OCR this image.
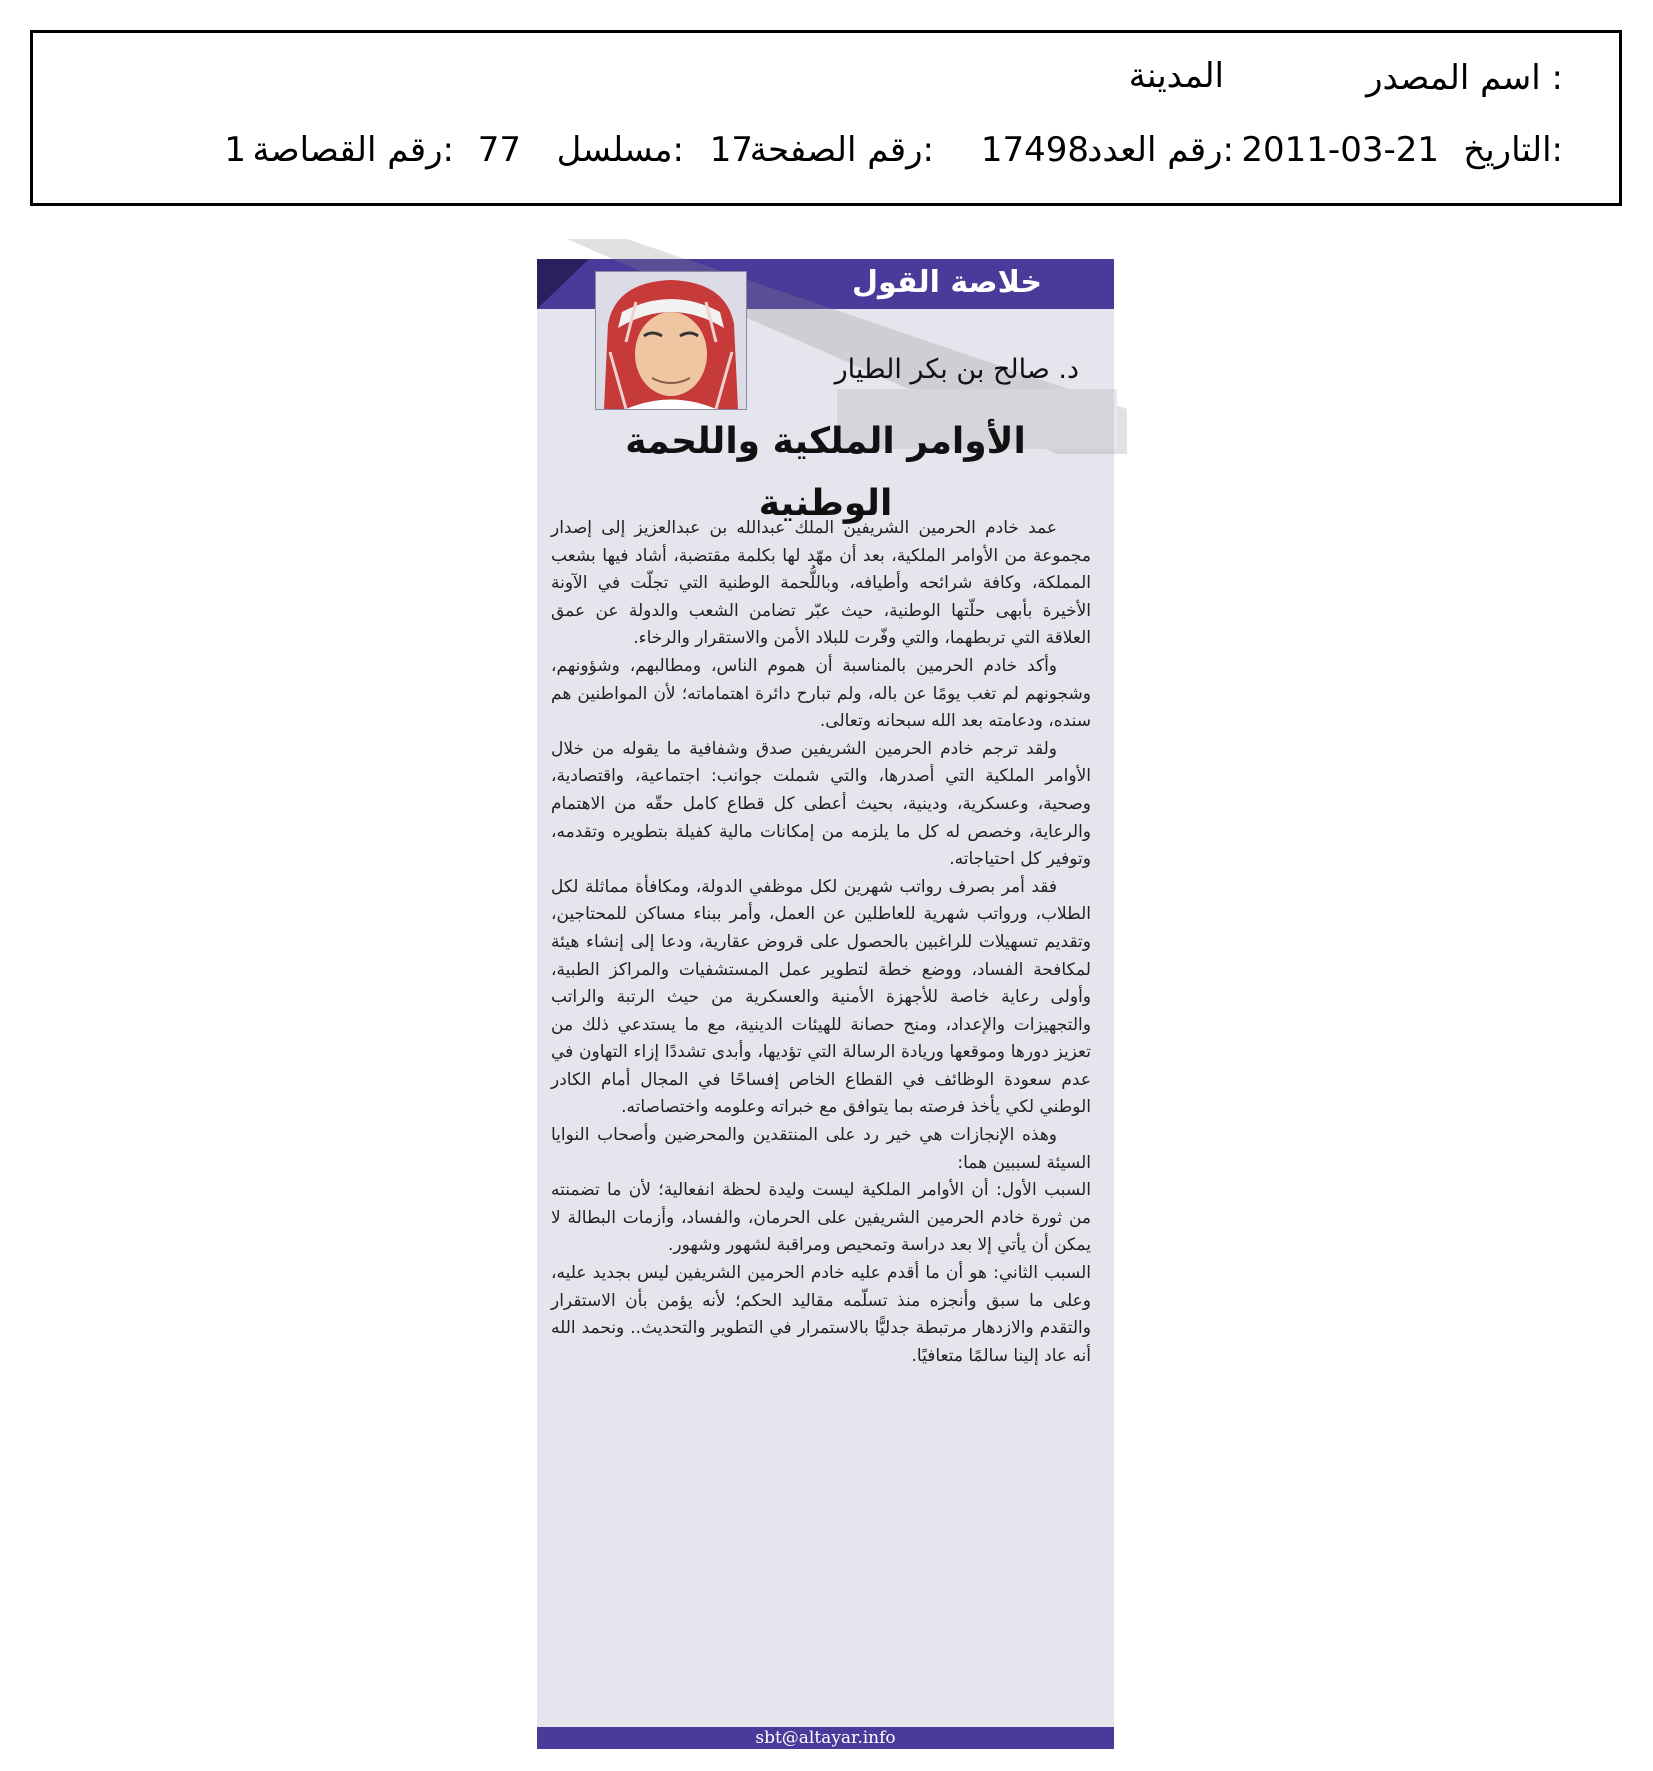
اسم المصدر :
المدينة
التاريخ:
2011-03-21
رقم العدد:
17498
رقم الصفحة:
17
مسلسل:
77
رقم القصاصة:
1
خلاصة القول
د. صالح بن بكر الطيار
الأوامر الملكية واللحمة الوطنية

عمد خادم الحرمين الشريفين الملك عبدالله بن عبدالعزيز إلى إصدار مجموعة من الأوامر الملكية، بعد أن مهّد لها بكلمة مقتضبة، أشاد فيها بشعب المملكة، وكافة شرائحه وأطيافه، وباللُّحمة الوطنية التي تجلّت في الآونة الأخيرة بأبهى حلّتها الوطنية، حيث عبّر تضامن الشعب والدولة عن عمق العلاقة التي تربطهما، والتي وفّرت للبلاد الأمن والاستقرار والرخاء.

وأكد خادم الحرمين بالمناسبة أن هموم الناس، ومطالبهم، وشؤونهم، وشجونهم لم تغب يومًا عن باله، ولم تبارح دائرة اهتماماته؛ لأن المواطنين هم سنده، ودعامته بعد الله سبحانه وتعالى.

ولقد ترجم خادم الحرمين الشريفين صدق وشفافية ما يقوله من خلال الأوامر الملكية التي أصدرها، والتي شملت جوانب: اجتماعية، واقتصادية، وصحية، وعسكرية، ودينية، بحيث أعطى كل قطاع كامل حقّه من الاهتمام والرعاية، وخصص له كل ما يلزمه من إمكانات مالية كفيلة بتطويره وتقدمه، وتوفير كل احتياجاته.

فقد أمر بصرف رواتب شهرين لكل موظفي الدولة، ومكافأة مماثلة لكل الطلاب، ورواتب شهرية للعاطلين عن العمل، وأمر ببناء مساكن للمحتاجين، وتقديم تسهيلات للراغبين بالحصول على قروض عقارية، ودعا إلى إنشاء هيئة لمكافحة الفساد، ووضع خطة لتطوير عمل المستشفيات والمراكز الطبية، وأولى رعاية خاصة للأجهزة الأمنية والعسكرية من حيث الرتبة والراتب والتجهيزات والإعداد، ومنح حصانة للهيئات الدينية، مع ما يستدعي ذلك من تعزيز دورها وموقعها وريادة الرسالة التي تؤديها، وأبدى تشددًا إزاء التهاون في عدم سعودة الوظائف في القطاع الخاص إفساحًا في المجال أمام الكادر الوطني لكي يأخذ فرصته بما يتوافق مع خبراته وعلومه واختصاصاته.

وهذه الإنجازات هي خير رد على المنتقدين والمحرضين وأصحاب النوايا السيئة لسببين هما:

السبب الأول: أن الأوامر الملكية ليست وليدة لحظة انفعالية؛ لأن ما تضمنته من ثورة خادم الحرمين الشريفين على الحرمان، والفساد، وأزمات البطالة لا يمكن أن يأتي إلا بعد دراسة وتمحيص ومراقبة لشهور وشهور.

السبب الثاني: هو أن ما أقدم عليه خادم الحرمين الشريفين ليس بجديد عليه، وعلى ما سبق وأنجزه منذ تسلّمه مقاليد الحكم؛ لأنه يؤمن بأن الاستقرار والتقدم والازدهار مرتبطة جدليًّا بالاستمرار في التطوير والتحديث.. ونحمد الله أنه عاد إلينا سالمًا متعافيًا.

sbt@altayar.info
